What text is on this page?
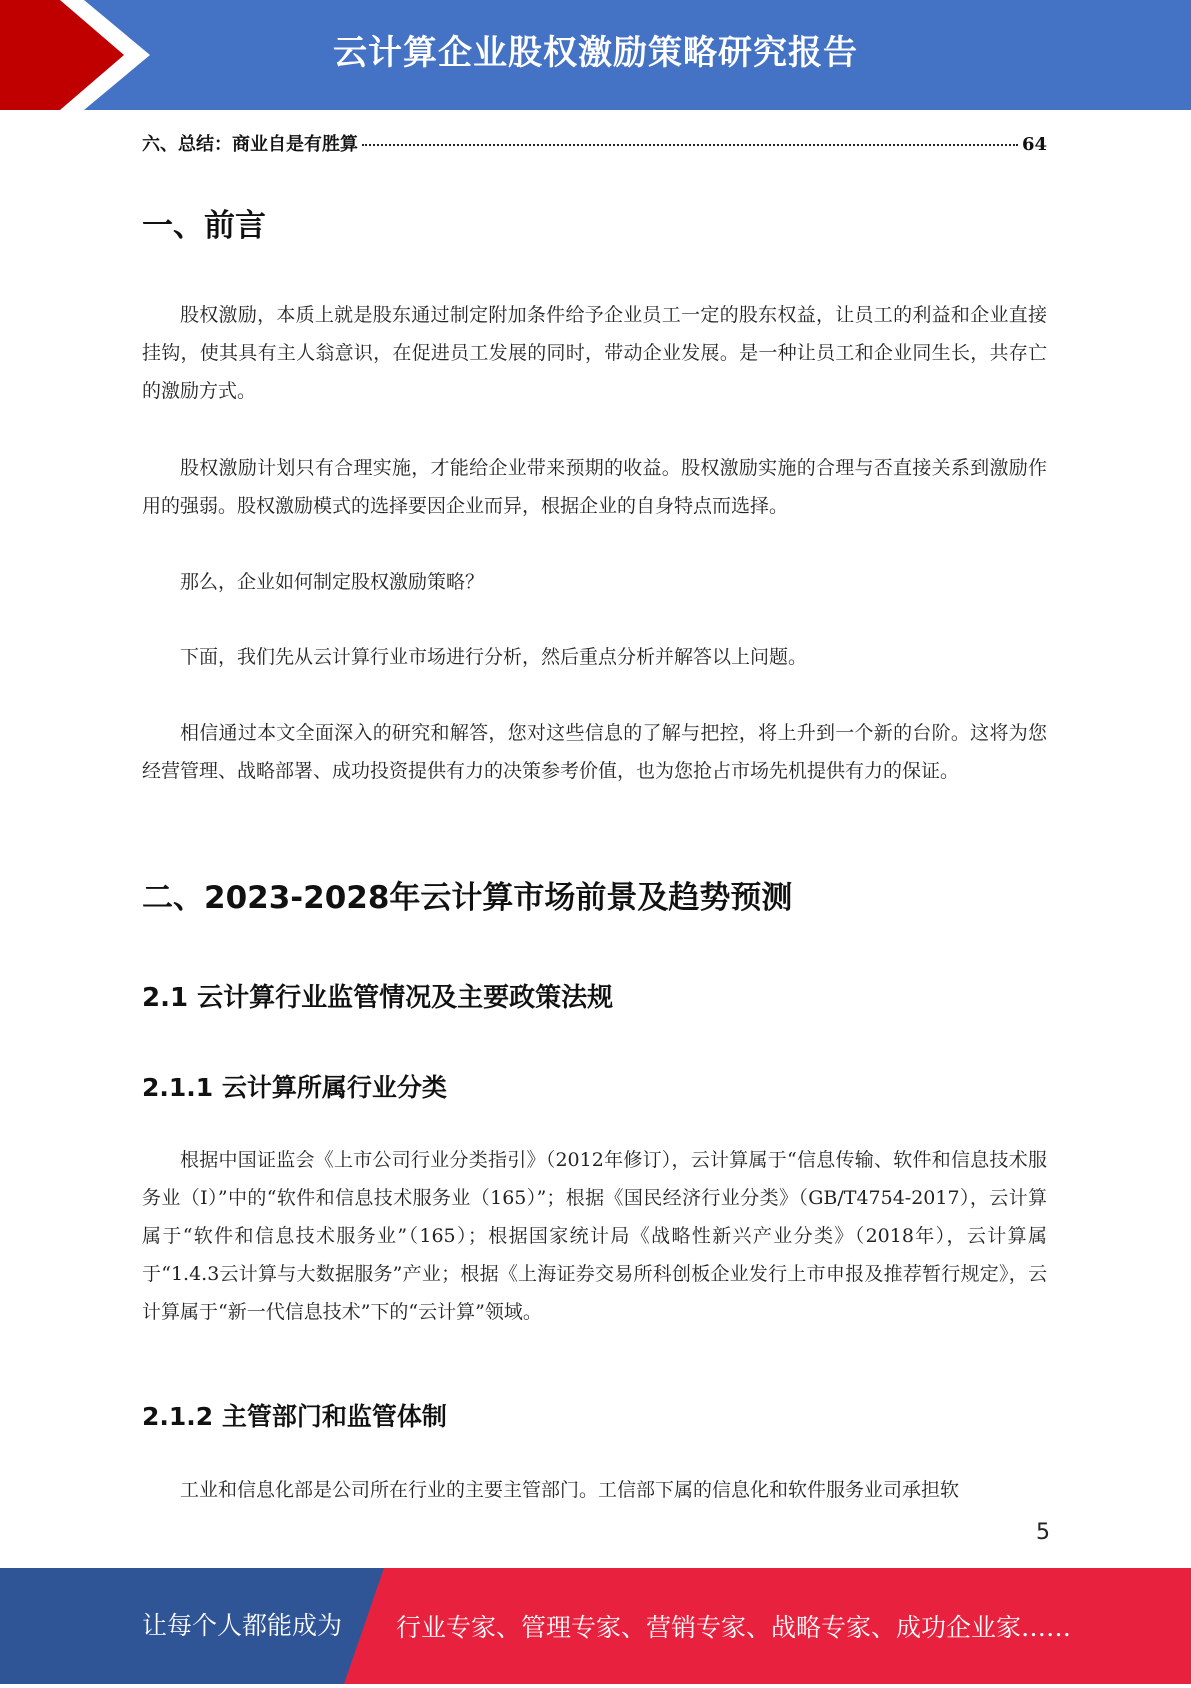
云计算企业股权激励策略研究报告
六、总结：商业自是有胜算	64
一、前言

股权激励，本质上就是股东通过制定附加条件给予企业员工一定的股东权益，让员工的利益和企业直接挂钩，使其具有主人翁意识，在促进员工发展的同时，带动企业发展。是一种让员工和企业同生长，共存亡的激励方式。

股权激励计划只有合理实施，才能给企业带来预期的收益。股权激励实施的合理与否直接关系到激励作用的强弱。股权激励模式的选择要因企业而异，根据企业的自身特点而选择。

那么，企业如何制定股权激励策略？

下面，我们先从云计算行业市场进行分析，然后重点分析并解答以上问题。

相信通过本文全面深入的研究和解答，您对这些信息的了解与把控，将上升到一个新的台阶。这将为您经营管理、战略部署、成功投资提供有力的决策参考价值，也为您抢占市场先机提供有力的保证。

二、2023-2028年云计算市场前景及趋势预测
2.1 云计算行业监管情况及主要政策法规
2.1.1 云计算所属行业分类

根据中国证监会《上市公司行业分类指引》（2012年修订），云计算属于“信息传输、软件和信息技术服务业（I）”中的“软件和信息技术服务业（165）”；根据《国民经济行业分类》（GB/T4754-2017），云计算属于“软件和信息技术服务业”（165）；根据国家统计局《战略性新兴产业分类》（2018年），云计算属于“1.4.3云计算与大数据服务”产业；根据《上海证券交易所科创板企业发行上市申报及推荐暂行规定》，云计算属于“新一代信息技术”下的“云计算”领域。

2.1.2 主管部门和监管体制

工业和信息化部是公司所在行业的主要主管部门。工信部下属的信息化和软件服务业司承担软

5
让每个人都能成为 行业专家、管理专家、营销专家、战略专家、成功企业家……
